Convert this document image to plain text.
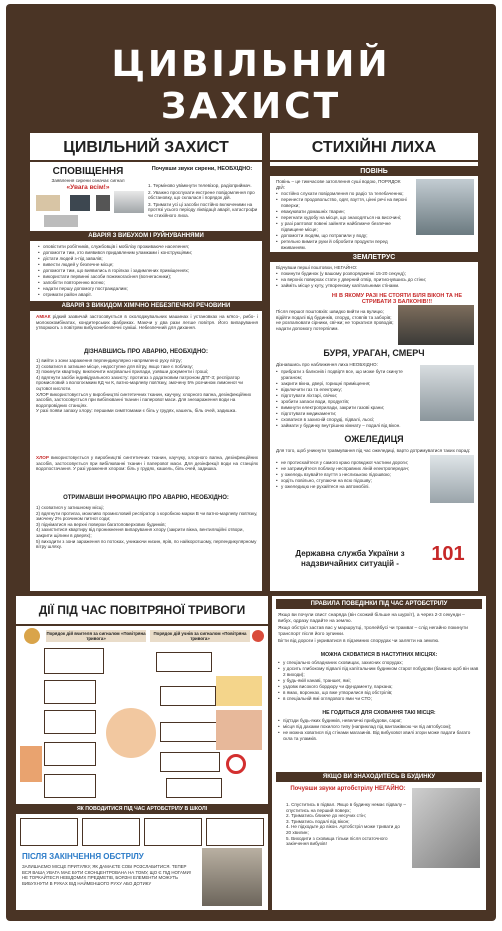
ЦИВІЛЬНИЙ
ЗАХИСТ
ЦИВІЛЬНИЙ ЗАХИСТ
СПОВІЩЕННЯ
Заявлення сирени означає сигнал
«Увага всім!»
Почувши звуки сирени, НЕОБХІДНО:
1. Терміново увімкнути телевізор, радіоприймач.
2. Уважно прослухати екстрене повідомлення про обстановку, що склалася і порядок дій.
3. Тримати усі ці засоби постійно включеними на протязі усього періоду ліквідації аварії, катастрофи чи стихійного лиха.
АВАРІЯ З ВИБУХОМ І РУЙНУВАННЯМИ
• оповістити робітників, службовців і мобілізу проживаюче населення;
• допомогти тим, хто виявився придавленим уламками і конструкціями;
• дістати людей з-під завалів;
• вивести людей у безпечне місце;
• допомогти тим, що виявились в горілках і задимлених приміщеннях;
• використати первинні засоби пожежогасіння (вогнегасники);
• запобігти повторенню вогню;
• надати першу допомогу постраждалим;
• отримати район аварії.
АВАРІЯ З ВИКИДОМ ХІМІЧНО НЕБЕЗПЕЧНОЇ РЕЧОВИНИ
АМІАК рідкий зазвичай застосовується в охолоджувальних машинах і установках на м'ясо-, рибо- і молококомбінатах, кондитерських фабриках. Маючи у два рази легше повітря. Його випарування утворюють з повітрям вибухонебезпечні суміші. Небезпечний для дихання.
ДІЗНАВШИСЬ ПРО АВАРІЮ, НЕОБХІДНО:
1) вийти з зони зараження перпендикулярно напрямлено руху вітру;
2) сховатися в затишне місце, недоступне для вітру, якщо таке є поблизу;
3) покинути квартиру, виключити нагрівальні прилади, узявши документи і гроші;
4) вдягнути засіби індивідуального захисту: протигаз з додатковим патроном ДПГ-3; респіратор промисловий з вологоємким КД чи К, ватно-марлеву пов'язку, змочену 5% розчином лимонної чи оцтової кислоти.
ХЛОР використовується у виробництві синтетичних тканин, каучуку, хлорного вапна, дезінфекційних засобів, застосовується при вибілюванні тканин і паперової маси. Для знезараження води на водопровідних станціях.
У разі появи запаху хлору: першими симптомами є біль у грудях, кашель, біль очей, задишка.
ХЛОР використовується у виробництві синтетичних тканин, каучуку, хлорного вапна, дезінфекційних засобів, застосовується при вибілюванні тканин і паперової маси. Для дезінфекції води на станціях водопостачання. У разі ураження хлором: біль у грудях, кашель, біль очей, задишка.
ОТРИМАВШИ ІНФОРМАЦІЮ ПРО АВАРІЮ, НЕОБХІДНО:
1) сховатися у затишному місці;
2) вдягнути протигаз, можливо промисловий респіратор з коробкою марки В чи ватно-марлеву пов'язку, змочену 2% розчином питної соди;
3) підніматися на верхні поверхи багатоповерхових будинків;
4) захиститися квартиру від проникнення випарування хлору (закрити вікна, вентиляційні отвори, закрити щілини в дверях);
5) виходити з зони зараження по потоках, уникаючи низин, ярів, по найкоротшому, перпендикулярному вітру шляху.
СТИХІЙНІ ЛИХА
ПОВІНЬ
Повінь – це тимчасове затоплення суші водою, ПОРЯДОК ДІЙ:
• постійно слухати повідомлення по радіо та телебаченню;
• перенести продовольство, одяг, взуття, цінні речі на верхні поверхи;
• евакуювати домашніх тварин;
• перегнати худобу на місця, що знаходяться на височині;
• у разі раптової повені зайняти найближче безпечне підвищене місце;
• допомогти людям, що потрапили у воду;
• ретельно вимити руки й обробити продукти перед вживанням.
ЗЕМЛЕТРУС
Відчувши перші поштовхи, НЕГАЙНО:
• покинути будинок (у вашому розпорядженні 15-20 секунд);
• на верхніх поверхах стати у дверний отвір, притиснувшись до стіни;
• займіть місце у куту, утвореному капітальними стінами.
НІ В ЯКОМУ РАЗІ НЕ СТОЯТИ БІЛЯ ВІКОН ТА НЕ СТРИБАТИ З БАЛКОНІВ!!!
Після першої поштовхів: швидко вийти на вулицю; відійти подалі від будинків, споруд, стовпів та заборів; не розпалювати сірники, свічки; не торкатися проводів; надати допомогу потерпілим.
БУРЯ, УРАГАН, СМЕРЧ
Дізнавшись про наближення лиха НЕОБХІДНО:
• прибрати з балконів і подвір'я все, що може бути скинуте ураганом;
• закрити вікна, двері, горищні приміщення;
• відключити газ та електрику;
• підготувати ліхтарі, свічки;
• зробити запаси води, продуктів;
• вимкнути електроприлади, закрити газові крани;
• підготувати медикаменти;
• сховатися в захисній споруді, підвалі, льосі;
• займати у будинку внутрішню кімнату – подалі від вікон.
ОЖЕЛЕДИЦЯ
Для того, щоб уникнути травмування під час ожеледиці, варто дотримуватися таких порад:
• не протискайтеся у самого краю проїжджої частини дороги;
• не затримуйтеся поблизу несправних ліній електропередач;
• у ожеледь взувайте взуття з неслизькою підошвою;
• ходіть повільно, ступаючи на всю підошву;
• у ожеледицю не рухайтеся на автомобілі.
Державна служба України з надзвичайних ситуацій -	101
ДІЇ ПІД ЧАС ПОВІТРЯНОЇ ТРИВОГИ
Порядок дій вчителя за сигналом «Повітряна тривога»
Порядок дій учнів за сигналом «Повітряна тривога»
ЯК ПОВОДИТИСЯ ПІД ЧАС АРТОБСТРІЛУ В ШКОЛІ
ПІСЛЯ ЗАКІНЧЕННЯ ОБСТРІЛУ
ЗАЛИШАЄМО МІСЦЕ ПРИТУЛКУ, ЯК ДАМАЄТЕ СОБІ РОЗСЛАБИТИСЯ. ТЕПЕР ВСЯ ВАША УВАГА МАЄ БУТИ СКОНЦЕНТРОВАНА НА ТОМУ, ЩО Є ПІД НОГАМИ! НЕ ТОРКАЙТЕСЯ НЕВІДОМИХ ПРЕДМЕТІВ, БОЯЗНІ ЕЛЕМЕНТИ МОЖУТЬ ВИБУХНУТИ В РУКАХ ВІД НАЙМЕНШОГО РУХУ АБО ДОТИКУ
ПРАВИЛА ПОВЕДІНКИ ПІД ЧАС АРТОБСТРІЛУ
Якщо ви почули свист снаряда (він схожий більше на шурхіт), а через 2-3 секунди – вибух, одразу падайте на землю.
Якщо обстріл застав вас у маршрутці, тролейбусі чи трамваї – слід негайно покинути транспорт після його зупинки.
Бігти від дороги і укриватися в підземних спорудах чи залягти на землю.
МОЖНА СХОВАТИСЯ В НАСТУПНИХ МІСЦЯХ:
• у спеціально обладнаних сховищах, захисних спорудах;
• у досить глибокому підвалі під капітальним будинком старої побудови (бажано щоб він мав 2 виходи);
• у будь-якій канаві, траншеї, ямі;
• уздовж високого бордюру чи фундаменту, паркана;
• в ямах, воронках, що вже утворилися від обстрілів;
• в спеціальній ямі оглядового ями чи СТО;
НЕ ГОДИТЬСЯ ДЛЯ СХОВАННЯ ТАКІ МІСЦЯ:
• під'їзди будь-яких будинків, невеличкі прибудови, сараї;
• місця під дахами похилого типу (наприклад під вантажівкою чи під автобусом);
• не можна ховатися під стінами магазинів. Від вибухової хвилі згори може падати багато скла та уламків.
ЯКЩО ВИ ЗНАХОДИТЕСЬ В БУДИНКУ
Почувши звуки артобстрілу НЕГАЙНО:
1. Спуститись в підвал. Якщо в будинку немає підвалу – спуститись на перший поверх;
2. Триматись ближче до несучих стін;
3. Триматись подалі від вікон;
4. Не підходьте до вікон. Артобстріл може тривати до 20 хвилин;
5. Виходити з сховища тільки після остаточного закінчення вибухів!
